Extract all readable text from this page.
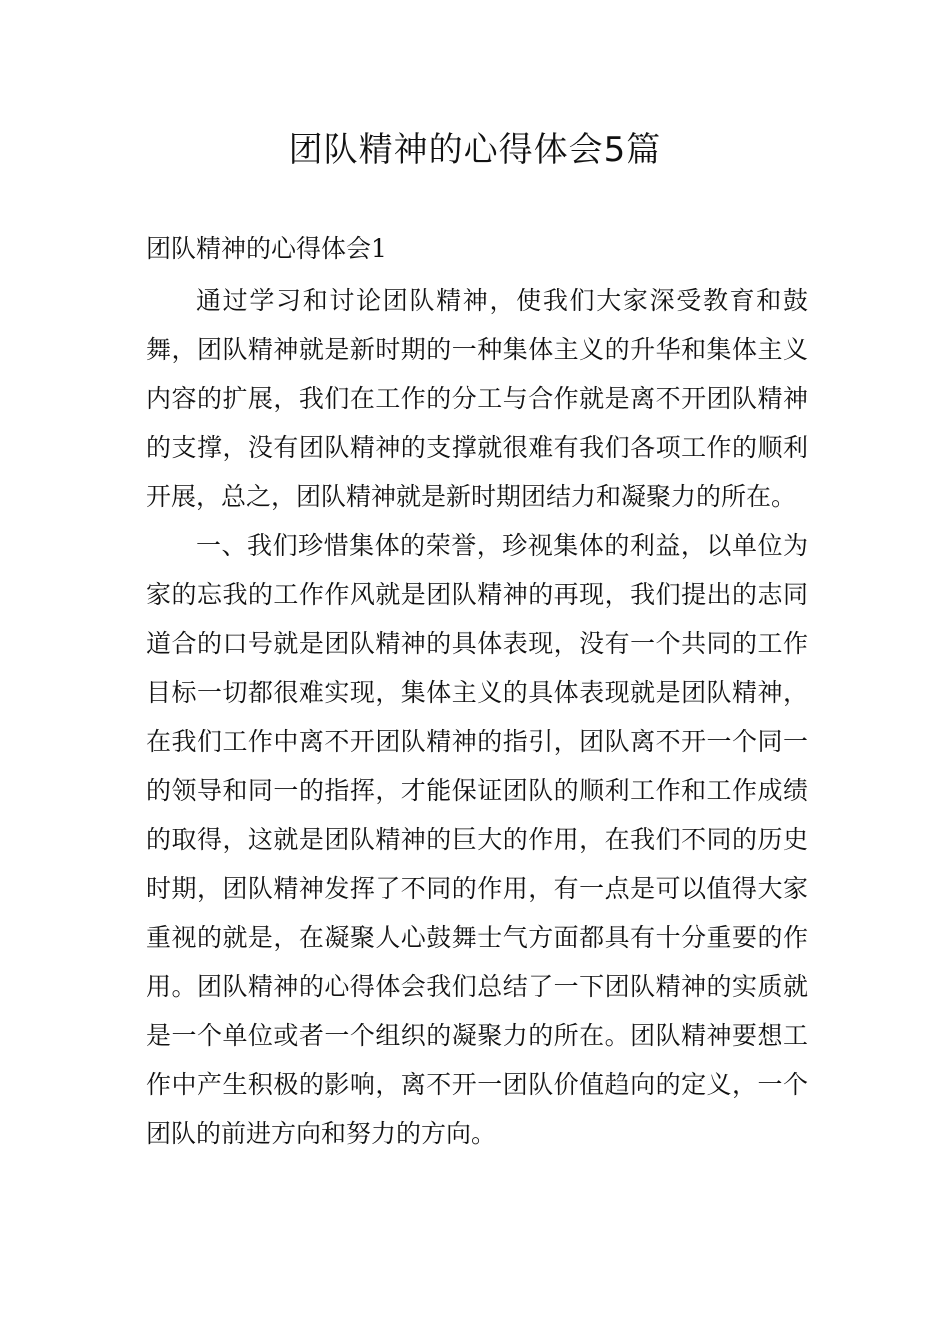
团队精神的心得体会5篇
团队精神的心得体会1

通过学习和讨论团队精神，使我们大家深受教育和鼓舞，团队精神就是新时期的一种集体主义的升华和集体主义内容的扩展，我们在工作的分工与合作就是离不开团队精神的支撑，没有团队精神的支撑就很难有我们各项工作的顺利开展，总之，团队精神就是新时期团结力和凝聚力的所在。

一、我们珍惜集体的荣誉，珍视集体的利益，以单位为家的忘我的工作作风就是团队精神的再现，我们提出的志同道合的口号就是团队精神的具体表现，没有一个共同的工作目标一切都很难实现，集体主义的具体表现就是团队精神，在我们工作中离不开团队精神的指引，团队离不开一个同一的领导和同一的指挥，才能保证团队的顺利工作和工作成绩的取得，这就是团队精神的巨大的作用，在我们不同的历史时期，团队精神发挥了不同的作用，有一点是可以值得大家重视的就是，在凝聚人心鼓舞士气方面都具有十分重要的作用。团队精神的心得体会我们总结了一下团队精神的实质就是一个单位或者一个组织的凝聚力的所在。团队精神要想工作中产生积极的影响，离不开一团队价值趋向的定义，一个团队的前进方向和努力的方向。
